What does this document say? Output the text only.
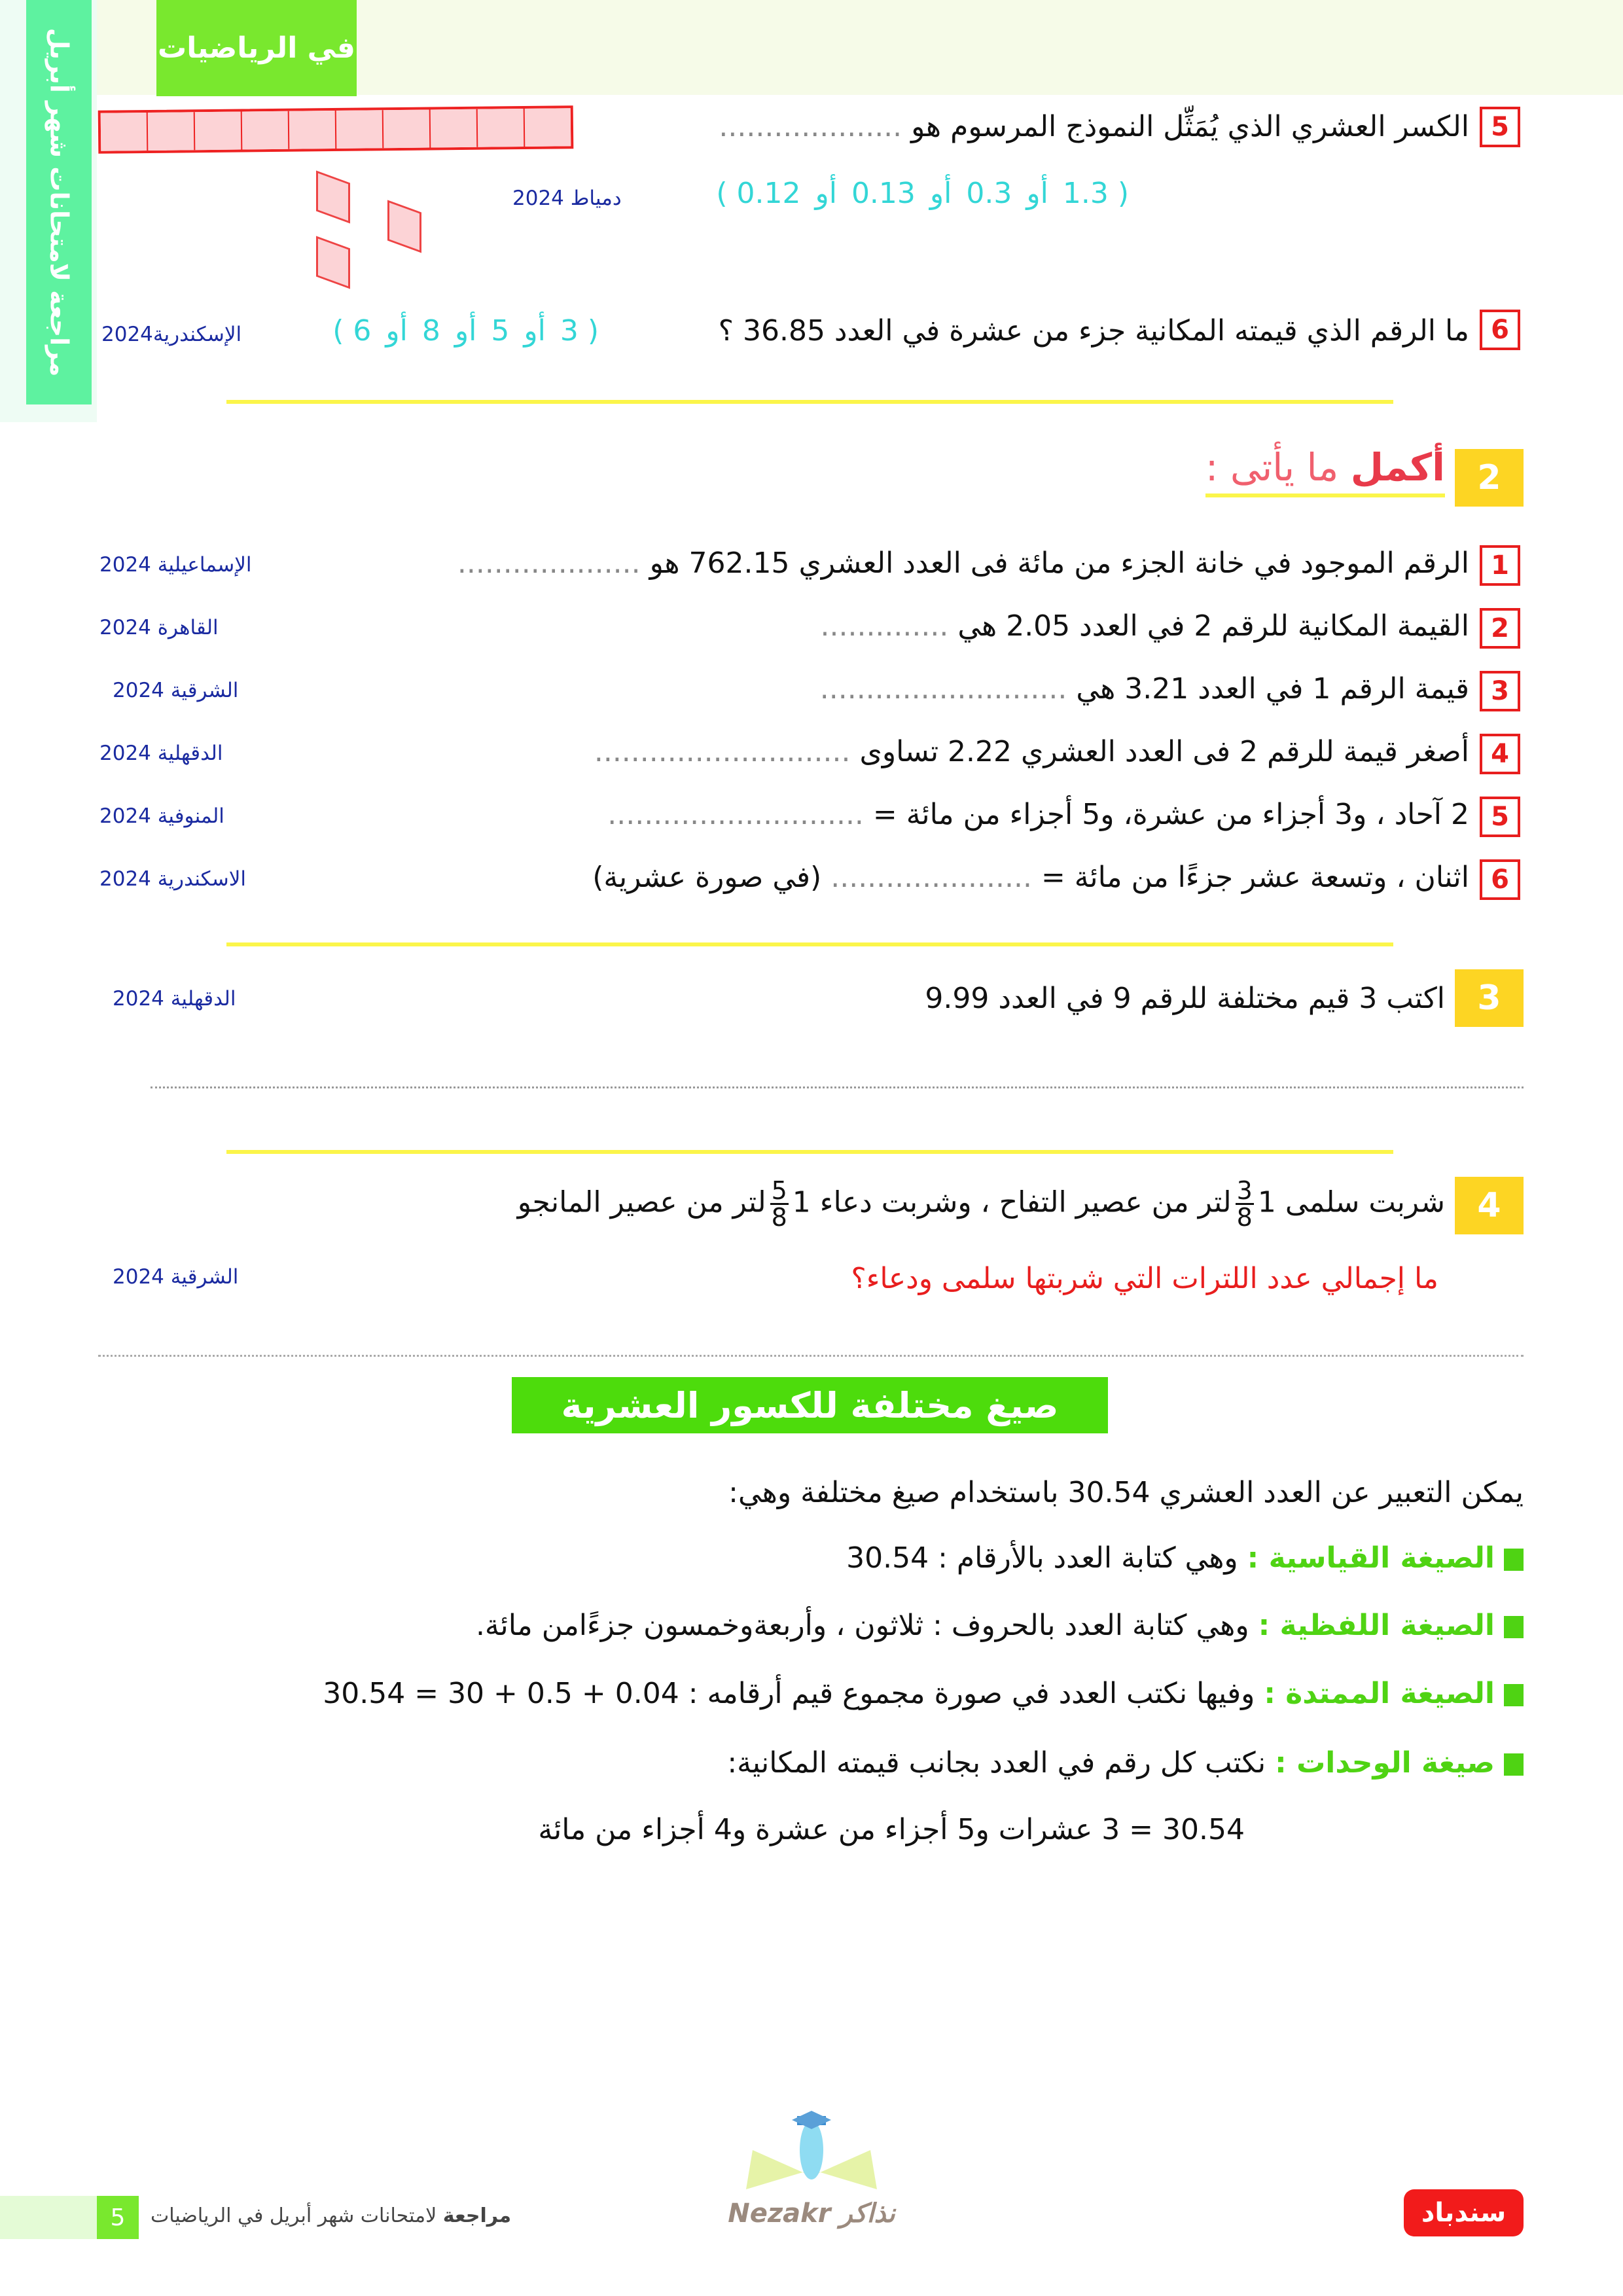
مراجعة لامتحانات شهر أبريل	في الرياضيات
5
الكسر العشري الذي يُمَثِّل النموذج المرسوم هو ....................
( 1.3أو0.3أو0.13أو0.12 )
دمياط 2024
6
ما الرقم الذي قيمته المكانية جزء من عشرة في العدد 36.85 ؟
( 3أو5أو8أو6 )
الإسكندرية2024
2
أكمل ما يأتى :
1
الرقم الموجود في خانة الجزء من مائة فى العدد العشري 762.15 هو ....................
الإسماعيلية 2024
2
القيمة المكانية للرقم 2 في العدد 2.05 هي ..............
القاهرة 2024
3
قيمة الرقم 1 في العدد 3.21 هي ...........................
الشرقية 2024
4
أصغر قيمة للرقم 2 فى العدد العشري 2.22 تساوى ............................
الدقهلية 2024
5
2 آحاد ، و3 أجزاء من عشرة، و5 أجزاء من مائة = ............................
المنوفية 2024
6
اثنان ، وتسعة عشر جزءًا من مائة = ...................... (في صورة عشرية)
الاسكندرية 2024
3
اكتب 3 قيم مختلفة للرقم 9 في العدد 9.99
الدقهلية 2024
4
شربت سلمى 1
$\frac{3}{8}$
لتر من عصير التفاح ، وشربت دعاء 1
$\frac{5}{8}$
لتر من عصير المانجو
ما إجمالي عدد اللترات التي شربتها سلمى ودعاء؟
الشرقية 2024
صيغ مختلفة للكسور العشرية
يمكن التعبير عن العدد العشري 30.54 باستخدام صيغ مختلفة وهي:
الصيغة القياسية : وهي كتابة العدد بالأرقام : 30.54
الصيغة اللفظية : وهي كتابة العدد بالحروف : ثلاثون ، وأربعةوخمسون جزءًامن مائة.
الصيغة الممتدة : وفيها نكتب العدد في صورة مجموع قيم أرقامه : 0.04 + 0.5 + 30 = 30.54
صيغة الوحدات : نكتب كل رقم في العدد بجانب قيمته المكانية:
30.54 = 3 عشرات و5 أجزاء من عشرة و4 أجزاء من مائة
5	مراجعة لامتحانات شهر أبريل في الرياضيات	Nezakr نذاكر	سندباد
